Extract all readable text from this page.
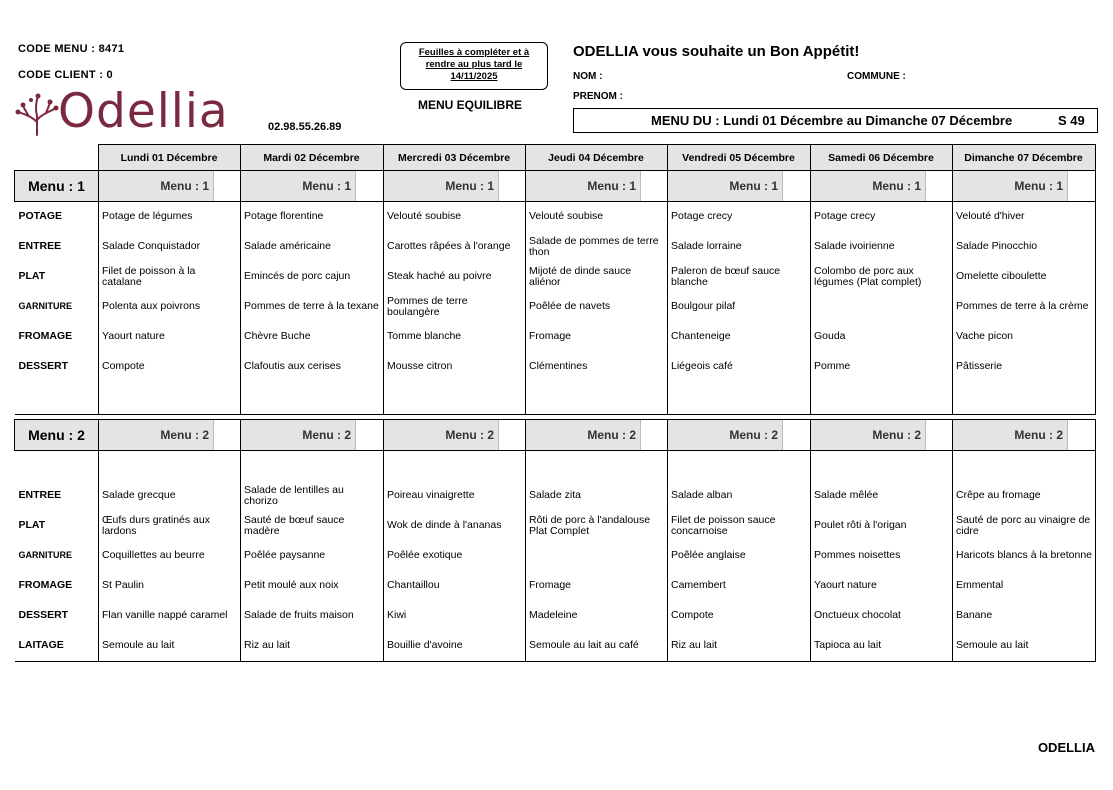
CODE MENU : 8471
CODE CLIENT : 0
Odellia	02.98.55.26.89
Feuilles à compléter et à
rendre au plus tard le
14/11/2025
MENU EQUILIBRE
ODELLIA vous souhaite un Bon Appétit!
NOM :	COMMUNE :
PRENOM :
MENU DU : Lundi 01 Décembre au Dimanche 07 Décembre	S 49
	Lundi 01 Décembre	Mardi 02 Décembre	Mercredi 03 Décembre	Jeudi 04 Décembre	Vendredi 05 Décembre	Samedi 06 Décembre	Dimanche 07 Décembre
Menu : 1	Menu : 1	Menu : 1	Menu : 1	Menu : 1	Menu : 1	Menu : 1	Menu : 1

POTAGE	Potage de légumes	Potage florentine	Velouté soubise	Velouté soubise	Potage crecy	Potage crecy	Velouté d'hiver
ENTREE	Salade Conquistador	Salade américaine	Carottes râpées à l'orange	Salade de pommes de terre thon	Salade lorraine	Salade ivoirienne	Salade Pinocchio
PLAT	Filet de poisson à la catalane	Emincés de porc cajun	Steak haché au poivre	Mijoté de dinde sauce aliénor	Paleron de bœuf sauce blanche	Colombo de porc aux légumes (Plat complet)	Omelette ciboulette
GARNITURE	Polenta aux poivrons	Pommes de terre à la texane	Pommes de terre boulangère	Poêlée de navets	Boulgour pilaf		Pommes de terre à la crème
FROMAGE	Yaourt nature	Chèvre Buche	Tomme blanche	Fromage	Chanteneige	Gouda	Vache picon
DESSERT	Compote	Clafoutis aux cerises	Mousse citron	Clémentines	Liégeois café	Pomme	Pâtisserie

Menu : 2	Menu : 2	Menu : 2	Menu : 2	Menu : 2	Menu : 2	Menu : 2	Menu : 2

ENTREE	Salade grecque	Salade de lentilles au chorizo	Poireau vinaigrette	Salade zita	Salade alban	Salade mêlée	Crêpe au fromage
PLAT	Œufs durs gratinés aux lardons	Sauté de bœuf sauce madère	Wok de dinde à l'ananas	Rôti de porc à l'andalouse Plat Complet	Filet de poisson sauce concarnoise	Poulet rôti à l'origan	Sauté de porc au vinaigre de cidre
GARNITURE	Coquillettes au beurre	Poêlée paysanne	Poêlée exotique		Poêlée anglaise	Pommes noisettes	Haricots blancs à la bretonne
FROMAGE	St Paulin	Petit moulé aux noix	Chantaillou	Fromage	Camembert	Yaourt nature	Emmental
DESSERT	Flan vanille nappé caramel	Salade de fruits maison	Kiwi	Madeleine	Compote	Onctueux chocolat	Banane
LAITAGE	Semoule au lait	Riz au lait	Bouillie d'avoine	Semoule au lait au café	Riz au lait	Tapioca au lait	Semoule au lait
ODELLIA
